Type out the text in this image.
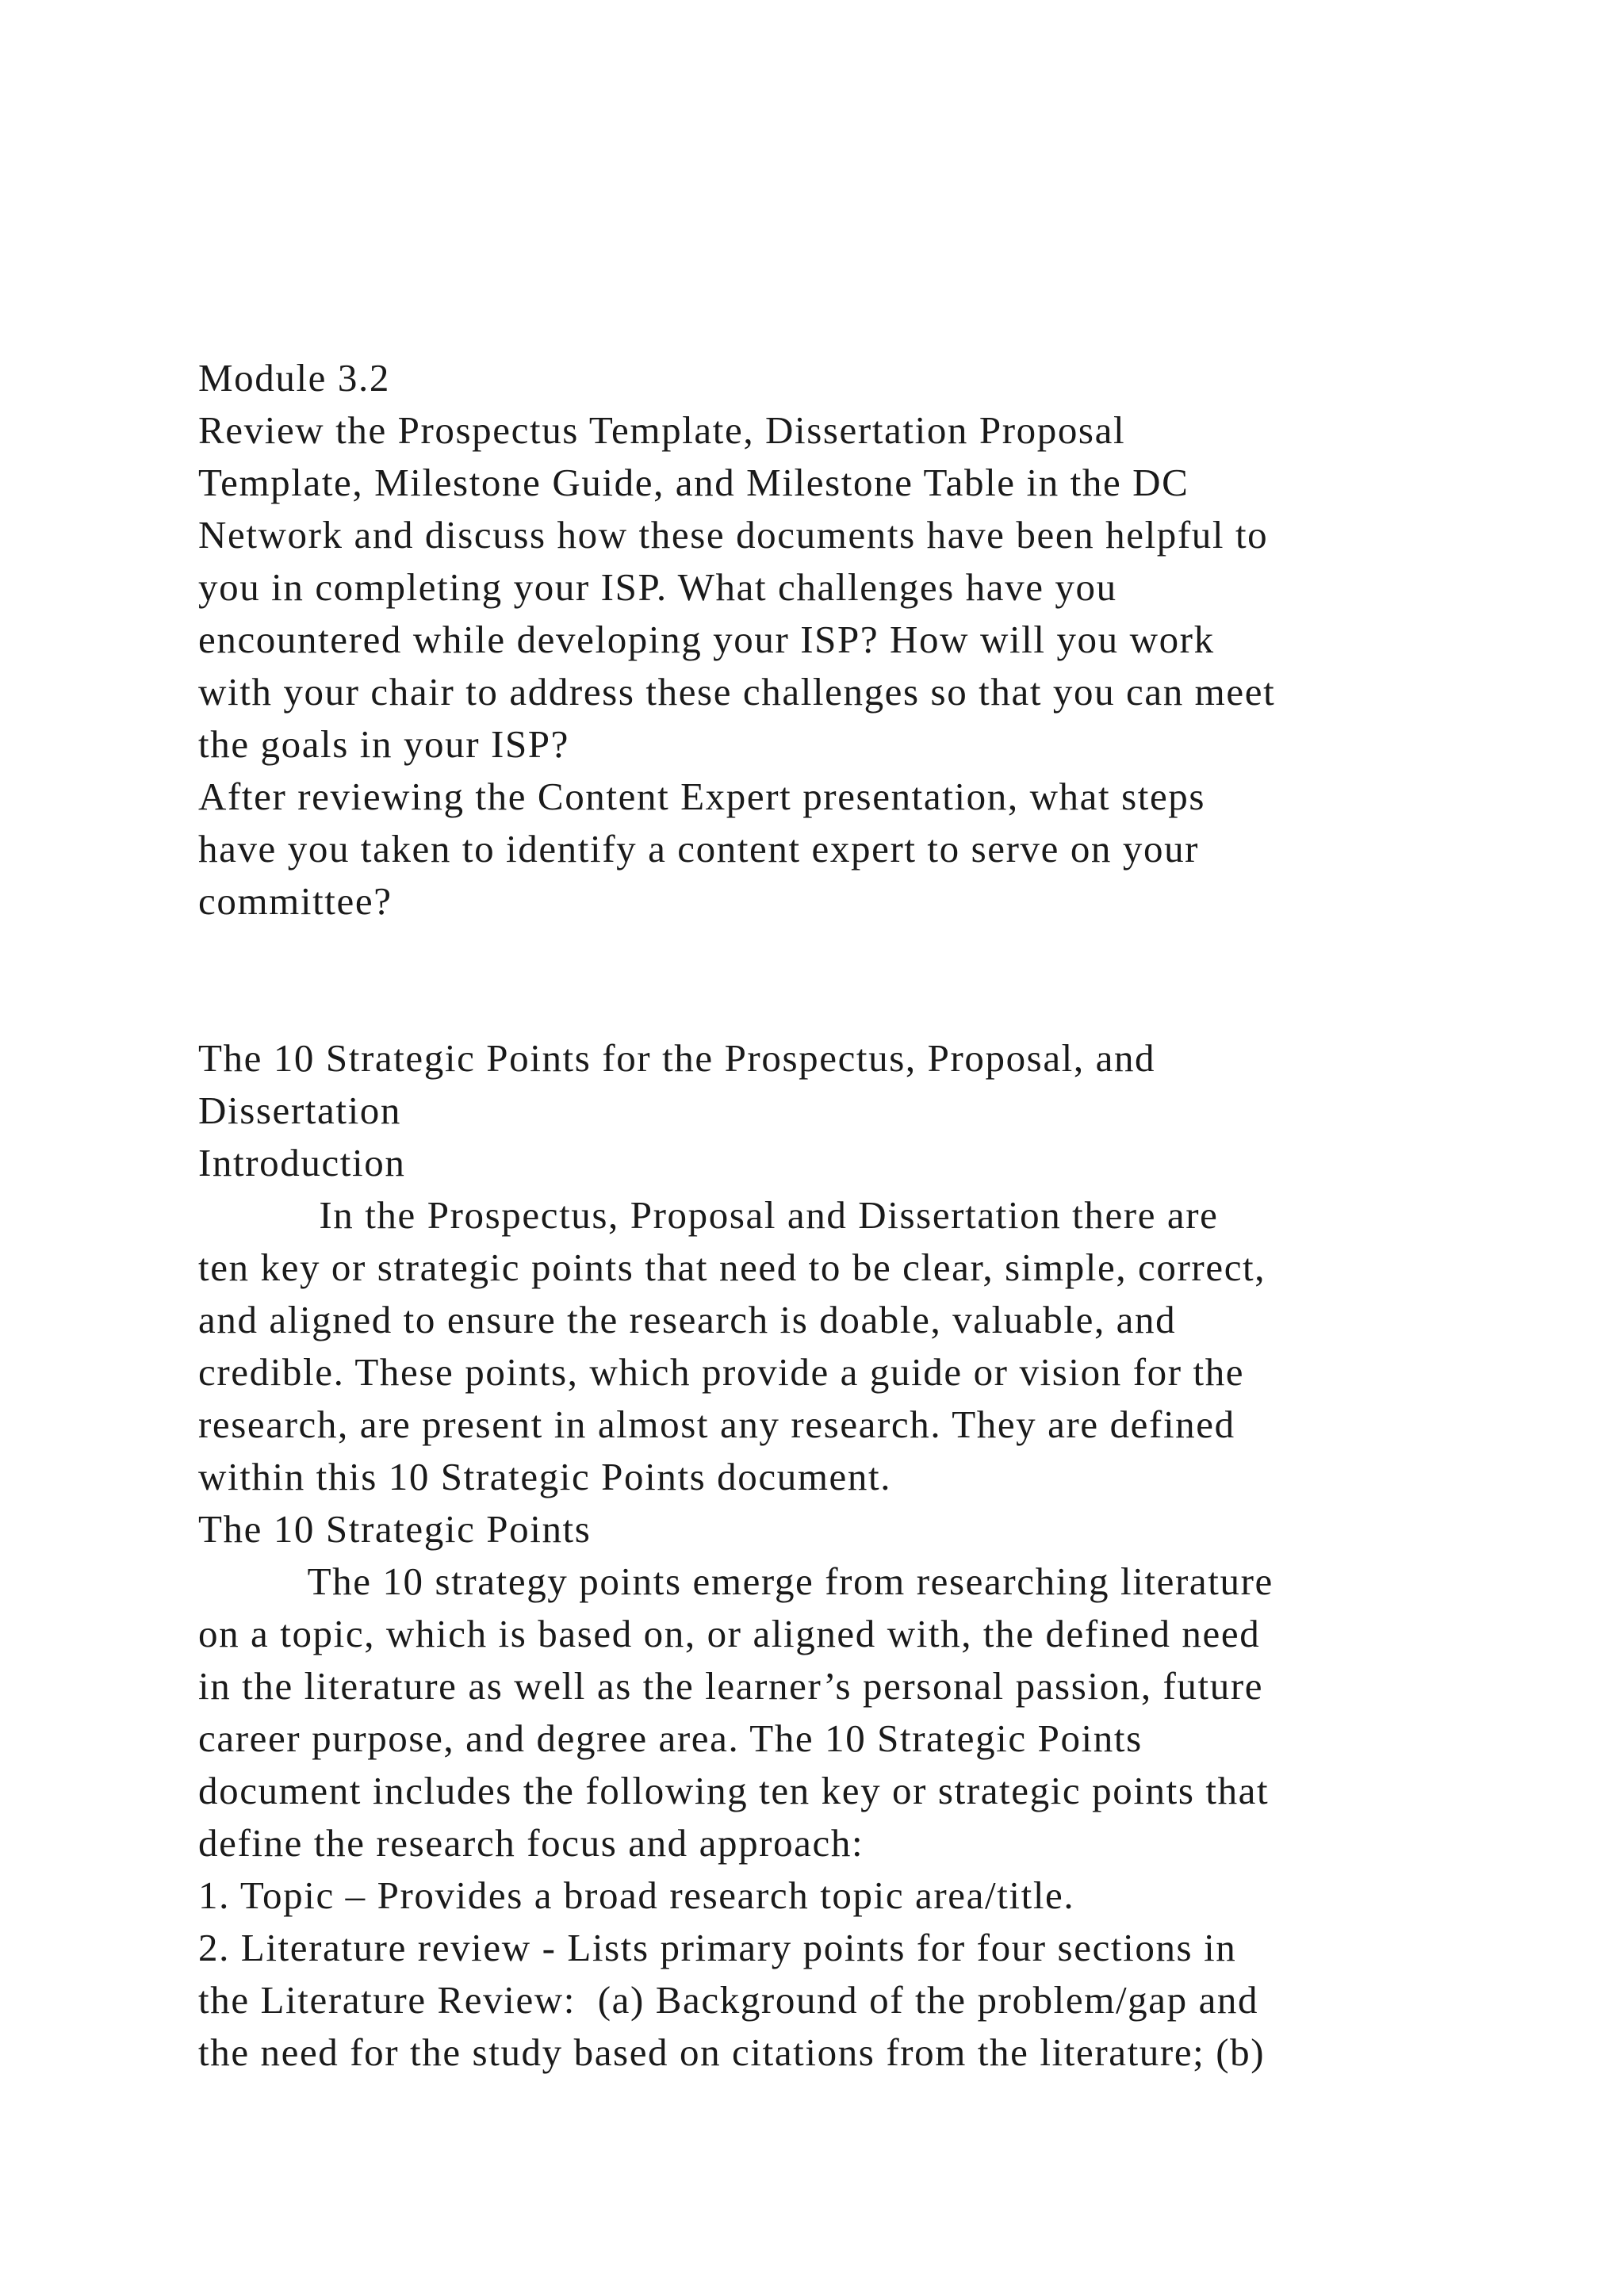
Module 3.2
Review the Prospectus Template, Dissertation Proposal
Template, Milestone Guide, and Milestone Table in the DC
Network and discuss how these documents have been helpful to
you in completing your ISP. What challenges have you
encountered while developing your ISP? How will you work
with your chair to address these challenges so that you can meet
the goals in your ISP?
After reviewing the Content Expert presentation, what steps
have you taken to identify a content expert to serve on your
committee?
The 10 Strategic Points for the Prospectus, Proposal, and
Dissertation
Introduction
In the Prospectus, Proposal and Dissertation there are
ten key or strategic points that need to be clear, simple, correct,
and aligned to ensure the research is doable, valuable, and
credible. These points, which provide a guide or vision for the
research, are present in almost any research. They are defined
within this 10 Strategic Points document.
The 10 Strategic Points
The 10 strategy points emerge from researching literature
on a topic, which is based on, or aligned with, the defined need
in the literature as well as the learner’s personal passion, future
career purpose, and degree area. The 10 Strategic Points
document includes the following ten key or strategic points that
define the research focus and approach:
1. Topic – Provides a broad research topic area/title.
2. Literature review - Lists primary points for four sections in
the Literature Review:  (a) Background of the problem/gap and
the need for the study based on citations from the literature; (b)
